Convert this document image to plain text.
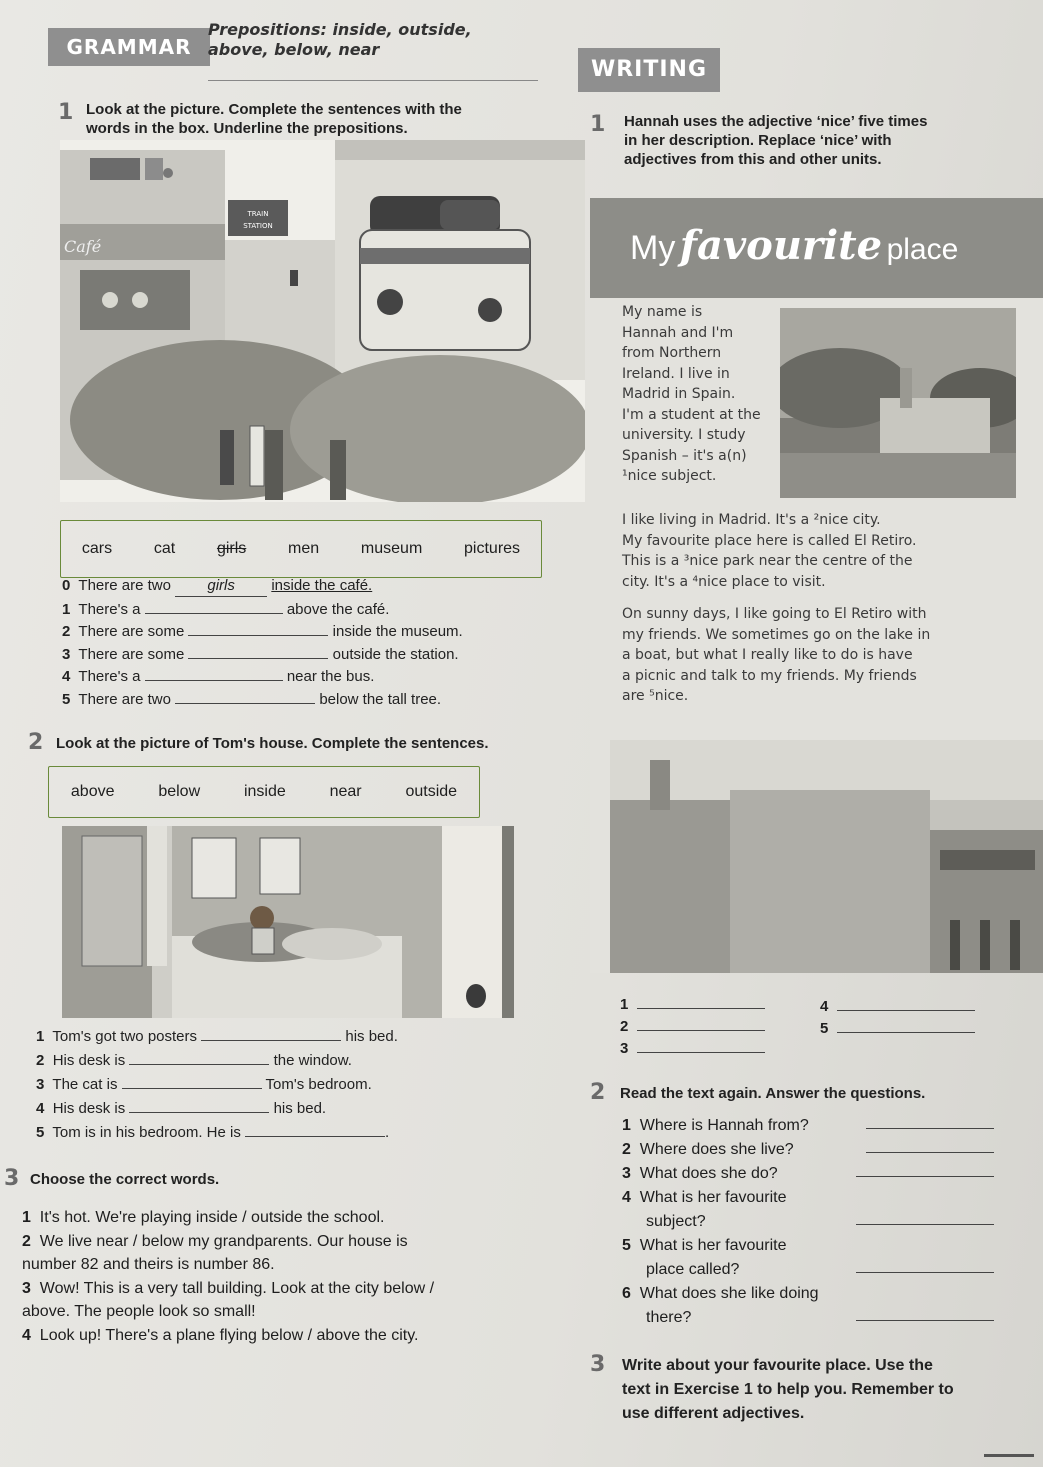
GRAMMAR
Prepositions: inside, outside,
above, below, near
WRITING
1 Look at the picture. Complete the sentences with the
words in the box. Underline the prepositions.
Café
TRAIN
STATION
cars	cat	girls	men	museum	pictures
0 There are two girls inside the café.
1 There's a	above the café.
2 There are some	inside the museum.
3 There are some	outside the station.
4 There's a	near the bus.
5 There are two	below the tall tree.
2 Look at the picture of Tom's house. Complete the sentences.
above	below	inside	near	outside
1 Tom's got two posters	his bed.
2 His desk is	the window.
3 The cat is	Tom's bedroom.
4 His desk is	his bed.
5 Tom is in his bedroom. He is	.
3 Choose the correct words.
1 It's hot. We're playing inside / outside the school.
2 We live near / below my grandparents. Our house is
number 82 and theirs is number 86.
3 Wow! This is a very tall building. Look at the city below /
above. The people look so small!
4 Look up! There's a plane flying below / above the city.
1 Hannah uses the adjective ‘nice’ five times
in her description. Replace ‘nice’ with
adjectives from this and other units.
My favourite place
My name is
Hannah and I'm
from Northern
Ireland. I live in
Madrid in Spain.
I'm a student at the
university. I study
Spanish – it's a(n)
¹nice subject.
I like living in Madrid. It's a ²nice city.
My favourite place here is called El Retiro.
This is a ³nice park near the centre of the
city. It's a ⁴nice place to visit.
On sunny days, I like going to El Retiro with
my friends. We sometimes go on the lake in
a boat, but what I really like to do is have
a picnic and talk to my friends. My friends
are ⁵nice.
1
2
3
4
5
2 Read the text again. Answer the questions.
1 Where is Hannah from?
2 Where does she live?
3 What does she do?
4 What is her favourite
subject?
5 What is her favourite
place called?
6 What does she like doing
there?
3 Write about your favourite place. Use the
text in Exercise 1 to help you. Remember to
use different adjectives.
